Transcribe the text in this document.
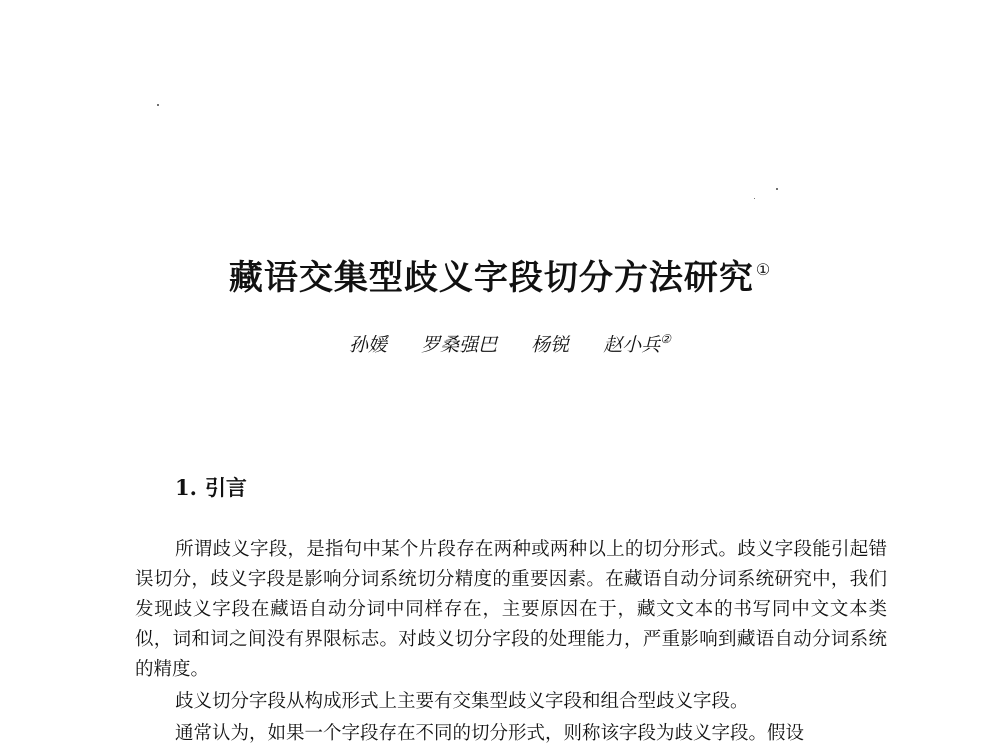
藏语交集型歧义字段切分方法研究 ①
孙媛 罗桑强巴 杨锐 赵小兵②
1. 引言

所谓歧义字段，是指句中某个片段存在两种或两种以上的切分形式。歧义字段能引起错误切分，歧义字段是影响分词系统切分精度的重要因素。在藏语自动分词系统研究中，我们发现歧义字段在藏语自动分词中同样存在，主要原因在于，藏文文本的书写同中文文本类似，词和词之间没有界限标志。对歧义切分字段的处理能力，严重影响到藏语自动分词系统的精度。

歧义切分字段从构成形式上主要有交集型歧义字段和组合型歧义字段。

通常认为，如果一个字段存在不同的切分形式，则称该字段为歧义字段。假设
